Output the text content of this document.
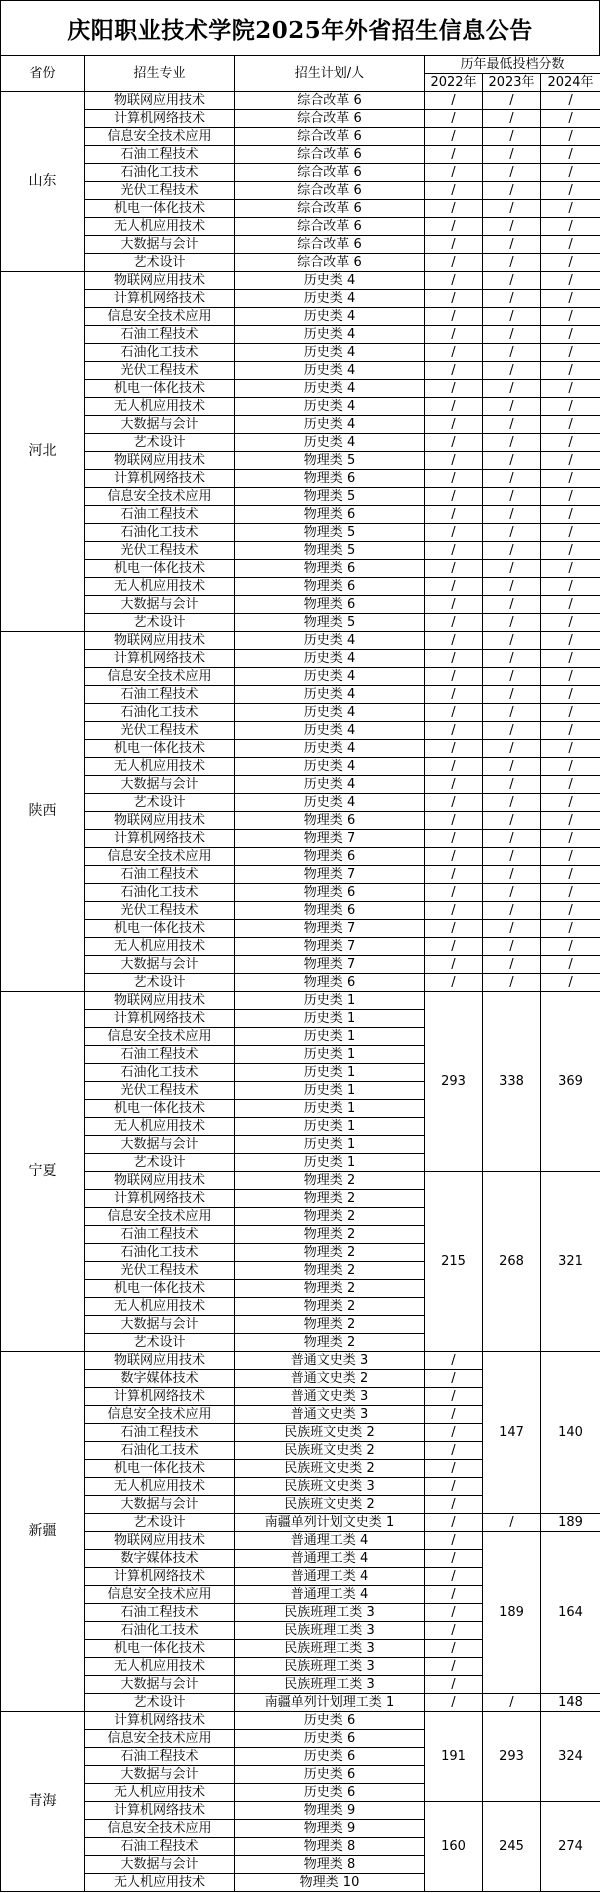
庆阳职业技术学院2025年外省招生信息公告
省份	招生专业	招生计划/人	历年最低投档分数		
			2022年	2023年	2024年
山东	物联网应用技术	综合改革 6	/	/	/
	计算机网络技术	综合改革 6	/	/	/
	信息安全技术应用	综合改革 6	/	/	/
	石油工程技术	综合改革 6	/	/	/
	石油化工技术	综合改革 6	/	/	/
	光伏工程技术	综合改革 6	/	/	/
	机电一体化技术	综合改革 6	/	/	/
	无人机应用技术	综合改革 6	/	/	/
	大数据与会计	综合改革 6	/	/	/
	艺术设计	综合改革 6	/	/	/
河北	物联网应用技术	历史类 4	/	/	/
	计算机网络技术	历史类 4	/	/	/
	信息安全技术应用	历史类 4	/	/	/
	石油工程技术	历史类 4	/	/	/
	石油化工技术	历史类 4	/	/	/
	光伏工程技术	历史类 4	/	/	/
	机电一体化技术	历史类 4	/	/	/
	无人机应用技术	历史类 4	/	/	/
	大数据与会计	历史类 4	/	/	/
	艺术设计	历史类 4	/	/	/
	物联网应用技术	物理类 5	/	/	/
	计算机网络技术	物理类 6	/	/	/
	信息安全技术应用	物理类 5	/	/	/
	石油工程技术	物理类 6	/	/	/
	石油化工技术	物理类 5	/	/	/
	光伏工程技术	物理类 5	/	/	/
	机电一体化技术	物理类 6	/	/	/
	无人机应用技术	物理类 6	/	/	/
	大数据与会计	物理类 6	/	/	/
	艺术设计	物理类 5	/	/	/
陕西	物联网应用技术	历史类 4	/	/	/
	计算机网络技术	历史类 4	/	/	/
	信息安全技术应用	历史类 4	/	/	/
	石油工程技术	历史类 4	/	/	/
	石油化工技术	历史类 4	/	/	/
	光伏工程技术	历史类 4	/	/	/
	机电一体化技术	历史类 4	/	/	/
	无人机应用技术	历史类 4	/	/	/
	大数据与会计	历史类 4	/	/	/
	艺术设计	历史类 4	/	/	/
	物联网应用技术	物理类 6	/	/	/
	计算机网络技术	物理类 7	/	/	/
	信息安全技术应用	物理类 6	/	/	/
	石油工程技术	物理类 7	/	/	/
	石油化工技术	物理类 6	/	/	/
	光伏工程技术	物理类 6	/	/	/
	机电一体化技术	物理类 7	/	/	/
	无人机应用技术	物理类 7	/	/	/
	大数据与会计	物理类 7	/	/	/
	艺术设计	物理类 6	/	/	/
宁夏	物联网应用技术	历史类 1	293	338	369
	计算机网络技术	历史类 1			
	信息安全技术应用	历史类 1			
	石油工程技术	历史类 1			
	石油化工技术	历史类 1			
	光伏工程技术	历史类 1			
	机电一体化技术	历史类 1			
	无人机应用技术	历史类 1			
	大数据与会计	历史类 1			
	艺术设计	历史类 1			
	物联网应用技术	物理类 2	215	268	321
	计算机网络技术	物理类 2			
	信息安全技术应用	物理类 2			
	石油工程技术	物理类 2			
	石油化工技术	物理类 2			
	光伏工程技术	物理类 2			
	机电一体化技术	物理类 2			
	无人机应用技术	物理类 2			
	大数据与会计	物理类 2			
	艺术设计	物理类 2			
新疆	物联网应用技术	普通文史类 3	/	147	140
	数字媒体技术	普通文史类 2	/		
	计算机网络技术	普通文史类 3	/		
	信息安全技术应用	普通文史类 3	/		
	石油工程技术	民族班文史类 2	/		
	石油化工技术	民族班文史类 2	/		
	机电一体化技术	民族班文史类 2	/		
	无人机应用技术	民族班文史类 3	/		
	大数据与会计	民族班文史类 2	/		
	艺术设计	南疆单列计划文史类 1	/	/	189
	物联网应用技术	普通理工类 4	/	189	164
	数字媒体技术	普通理工类 4	/		
	计算机网络技术	普通理工类 4	/		
	信息安全技术应用	普通理工类 4	/		
	石油工程技术	民族班理工类 3	/		
	石油化工技术	民族班理工类 3	/		
	机电一体化技术	民族班理工类 3	/		
	无人机应用技术	民族班理工类 3	/		
	大数据与会计	民族班理工类 3	/		
	艺术设计	南疆单列计划理工类 1	/	/	148
青海	计算机网络技术	历史类 6	191	293	324
	信息安全技术应用	历史类 6			
	石油工程技术	历史类 6			
	大数据与会计	历史类 6			
	无人机应用技术	历史类 6			
	计算机网络技术	物理类 9	160	245	274
	信息安全技术应用	物理类 9			
	石油工程技术	物理类 8			
	大数据与会计	物理类 8			
	无人机应用技术	物理类 10			
